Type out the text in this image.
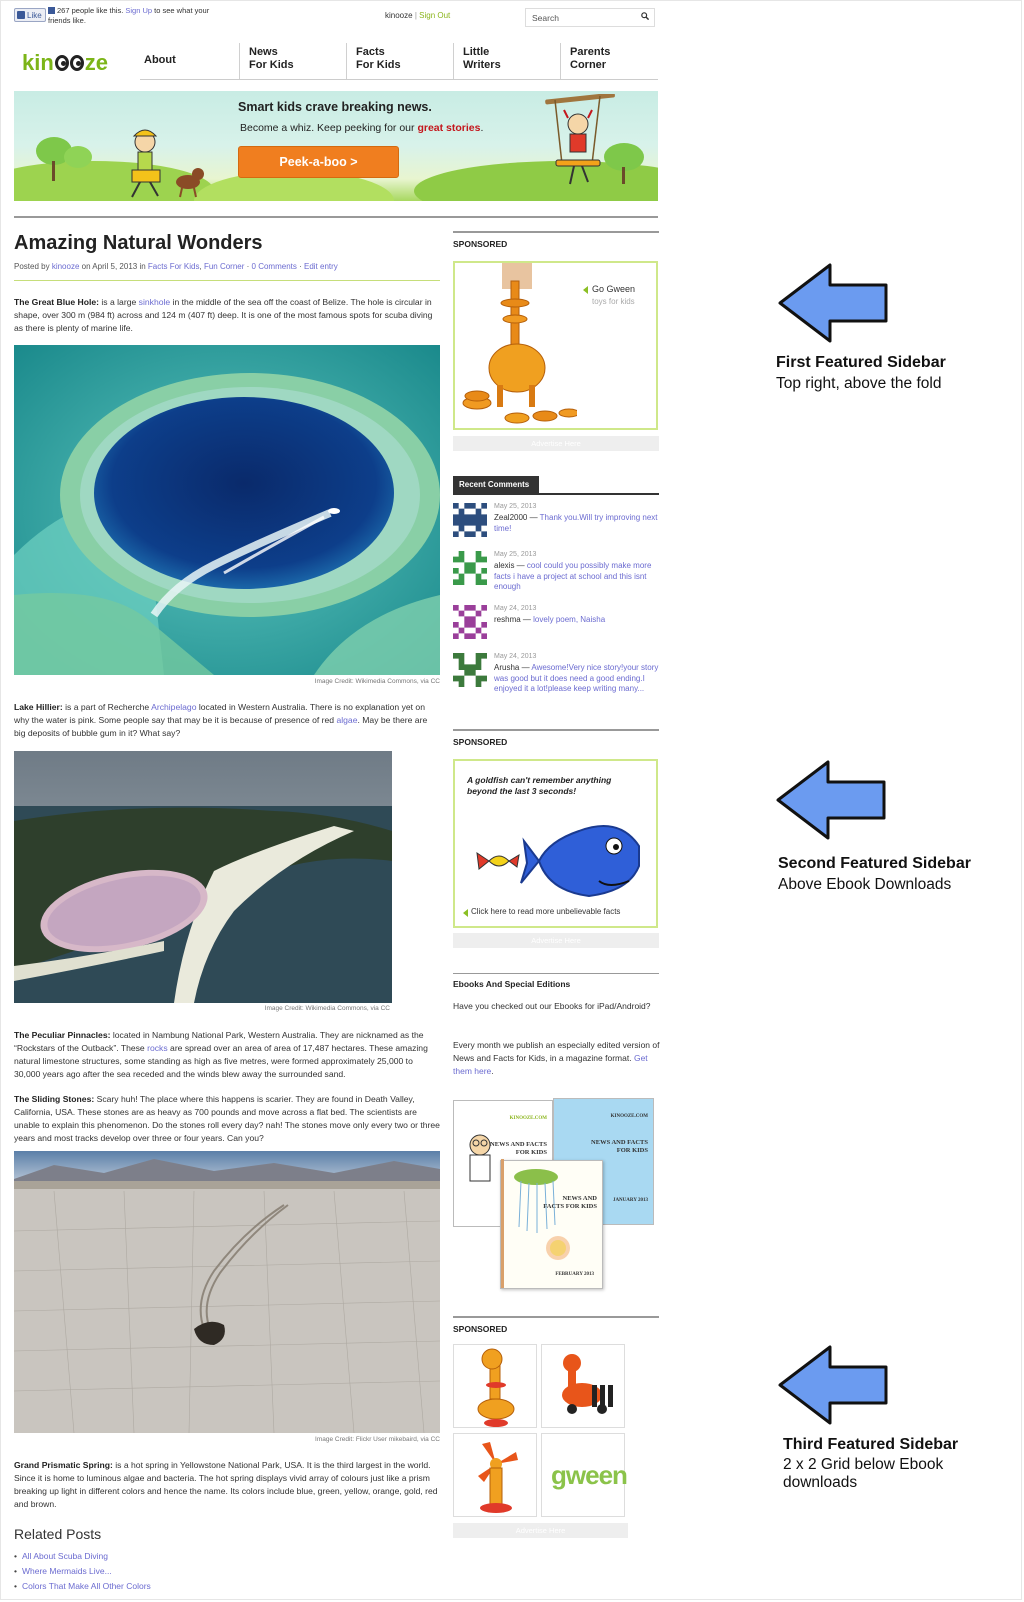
Like	267 people like this. Sign Up to see what your friends like.
kinooze | Sign Out	Search
kin ze	About
News
For Kids
Facts
For Kids
Little
Writers
Parents
Corner
Smart kids crave breaking news.
Become a whiz. Keep peeking for our great stories.
Peek-a-boo >
Amazing Natural Wonders
Posted by kinooze on April 5, 2013 in Facts For Kids, Fun Corner · 0 Comments · Edit entry
The Great Blue Hole: is a large sinkhole in the middle of the sea off the coast of Belize. The hole is circular in shape, over 300 m (984 ft) across and 124 m (407 ft) deep. It is one of the most famous spots for scuba diving as there is plenty of marine life.
Image Credit: Wikimedia Commons, via CC
Lake Hillier: is a part of Recherche Archipelago located in Western Australia. There is no explanation yet on why the water is pink. Some people say that may be it is because of presence of red algae. May be there are big deposits of bubble gum in it? What say?
Image Credit: Wikimedia Commons, via CC
The Peculiar Pinnacles: located in Nambung National Park, Western Australia. They are nicknamed as the “Rockstars of the Outback”. These rocks are spread over an area of area of 17,487 hectares. These amazing natural limestone structures, some standing as high as five metres, were formed approximately 25,000 to 30,000 years ago after the sea receded and the winds blew away the surrounded sand.
The Sliding Stones: Scary huh! The place where this happens is scarier. They are found in Death Valley, California, USA. These stones are as heavy as 700 pounds and move across a flat bed. The scientists are unable to explain this phenomenon. Do the stones roll every day? nah! The stones move only every two or three years and most tracks develop over three or four years. Can you?
Image Credit: Flickr User mikebaird, via CC
Grand Prismatic Spring: is a hot spring in Yellowstone National Park, USA. It is the third largest in the world. Since it is home to luminous algae and bacteria. The hot spring displays vivid array of colours just like a prism breaking up light in different colors and hence the name. Its colors include blue, green, yellow, orange, gold, red and brown.
Related Posts
• All About Scuba Diving
• Where Mermaids Live...
• Colors That Make All Other Colors
SPONSORED
Go Gween
toys for kids
Advertise Here
Recent Comments
May 25, 2013
Zeal2000 — Thank you.Will try improving next time!
May 25, 2013
alexis — cool could you possibly make more facts i have a project at school and this isnt enough
May 24, 2013
reshma — lovely poem, Naisha
May 24, 2013
Arusha — Awesome!Very nice story!your story was good but it does need a good ending.I enjoyed it a lot!please keep writing many...
SPONSORED
A goldfish can't remember anything beyond the last 3 seconds!
Click here to read more unbelievable facts
Advertise Here
Ebooks And Special Editions
Have you checked out our Ebooks for iPad/Android?
Every month we publish an especially edited version of News and Facts for Kids, in a magazine format. Get them here.
KINOOZE.COM
NEWS AND FACTS FOR KIDS
KINOOZE.COM
NEWS AND FACTS FOR KIDS
JANUARY 2013
NEWS AND FACTS FOR KIDS
FEBRUARY 2013
SPONSORED
gween
Advertise Here
First Featured Sidebar
Top right, above the fold
Second Featured Sidebar
Above Ebook Downloads
Third Featured Sidebar
2 x 2 Grid below Ebook downloads
